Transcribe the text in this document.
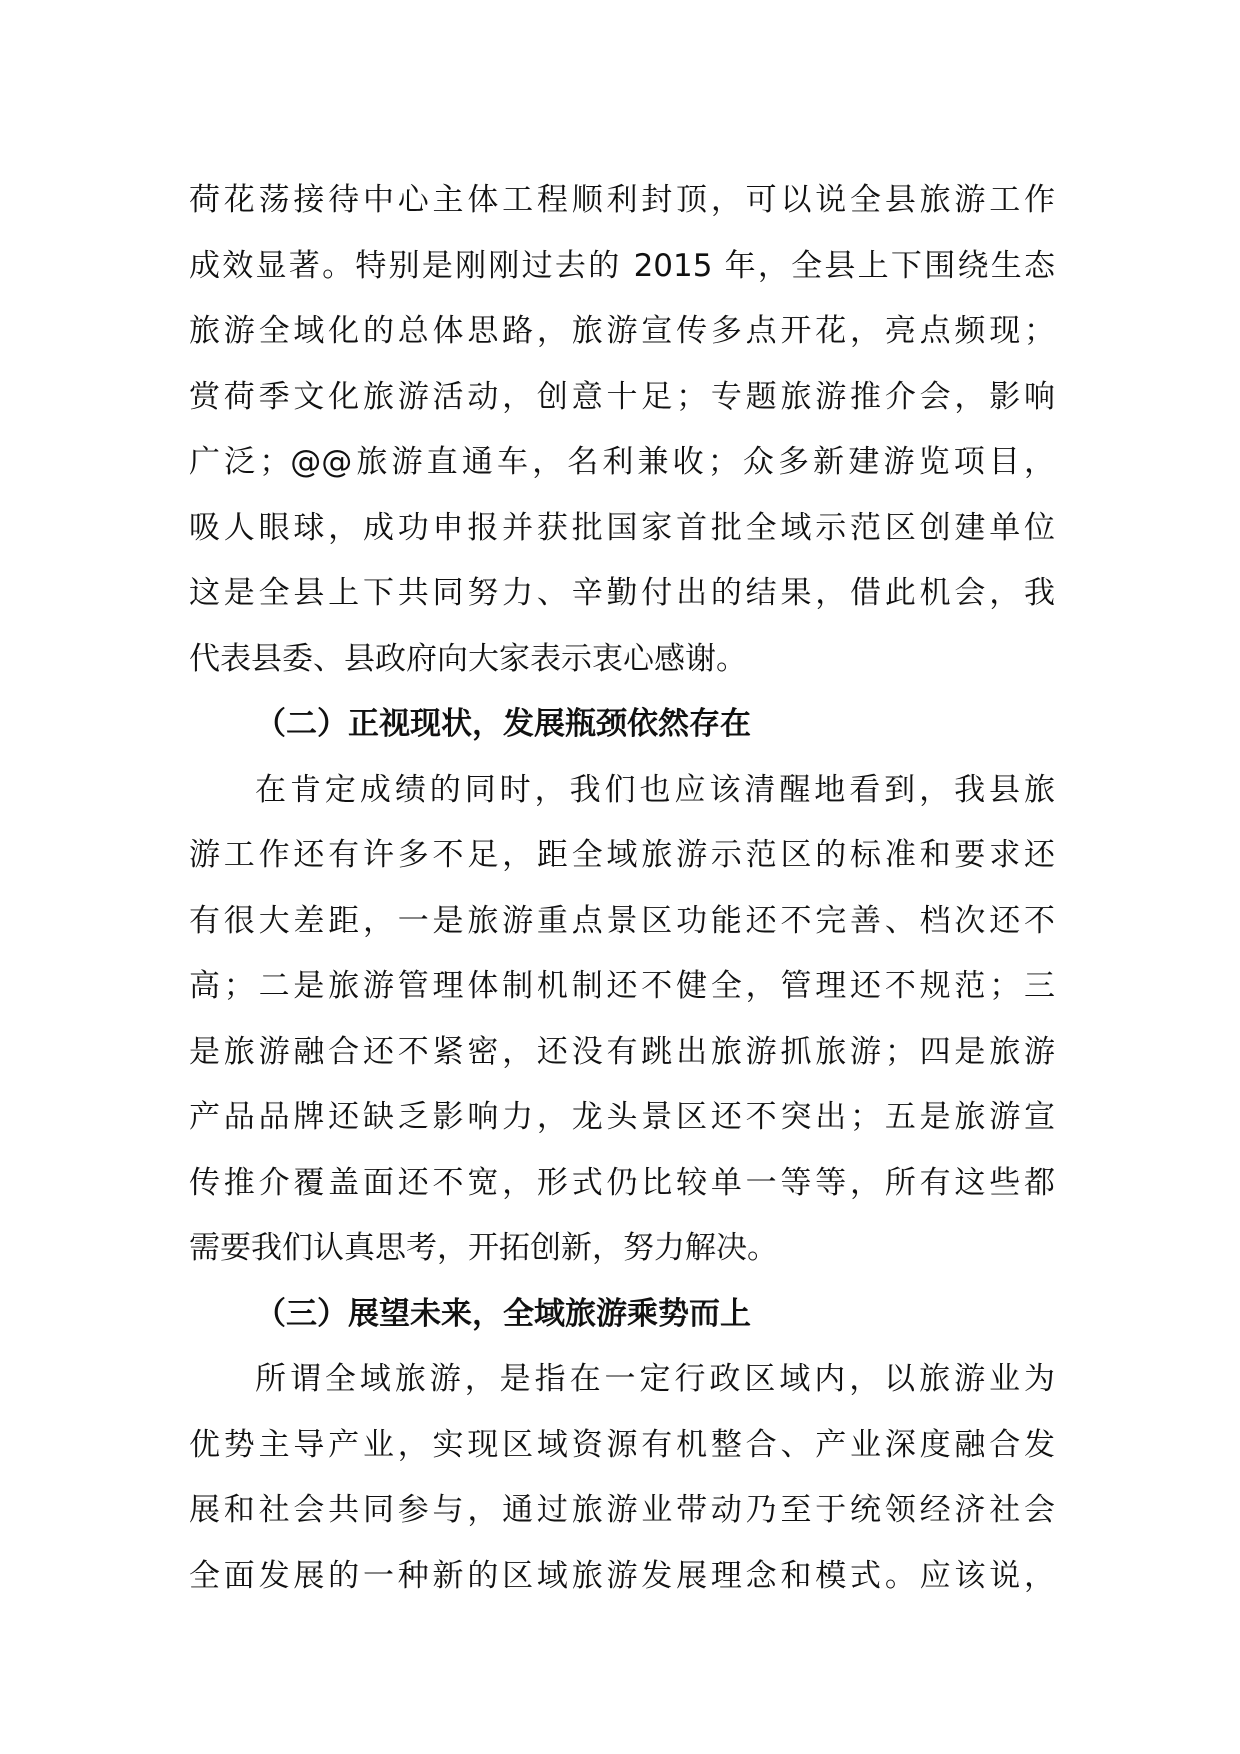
荷花荡接待中心主体工程顺利封顶，可以说全县旅游工作
成效显著。特别是刚刚过去的 2015 年，全县上下围绕生态
旅游全域化的总体思路，旅游宣传多点开花，亮点频现；
赏荷季文化旅游活动，创意十足；专题旅游推介会，影响
广泛；@@旅游直通车，名利兼收；众多新建游览项目，
吸人眼球，成功申报并获批国家首批全域示范区创建单位
这是全县上下共同努力、辛勤付出的结果，借此机会，我
代表县委、县政府向大家表示衷心感谢。
（二）正视现状，发展瓶颈依然存在
在肯定成绩的同时，我们也应该清醒地看到，我县旅
游工作还有许多不足，距全域旅游示范区的标准和要求还
有很大差距，一是旅游重点景区功能还不完善、档次还不
高；二是旅游管理体制机制还不健全，管理还不规范；三
是旅游融合还不紧密，还没有跳出旅游抓旅游；四是旅游
产品品牌还缺乏影响力，龙头景区还不突出；五是旅游宣
传推介覆盖面还不宽，形式仍比较单一等等，所有这些都
需要我们认真思考，开拓创新，努力解决。
（三）展望未来，全域旅游乘势而上
所谓全域旅游，是指在一定行政区域内，以旅游业为
优势主导产业，实现区域资源有机整合、产业深度融合发
展和社会共同参与，通过旅游业带动乃至于统领经济社会
全面发展的一种新的区域旅游发展理念和模式。应该说，
